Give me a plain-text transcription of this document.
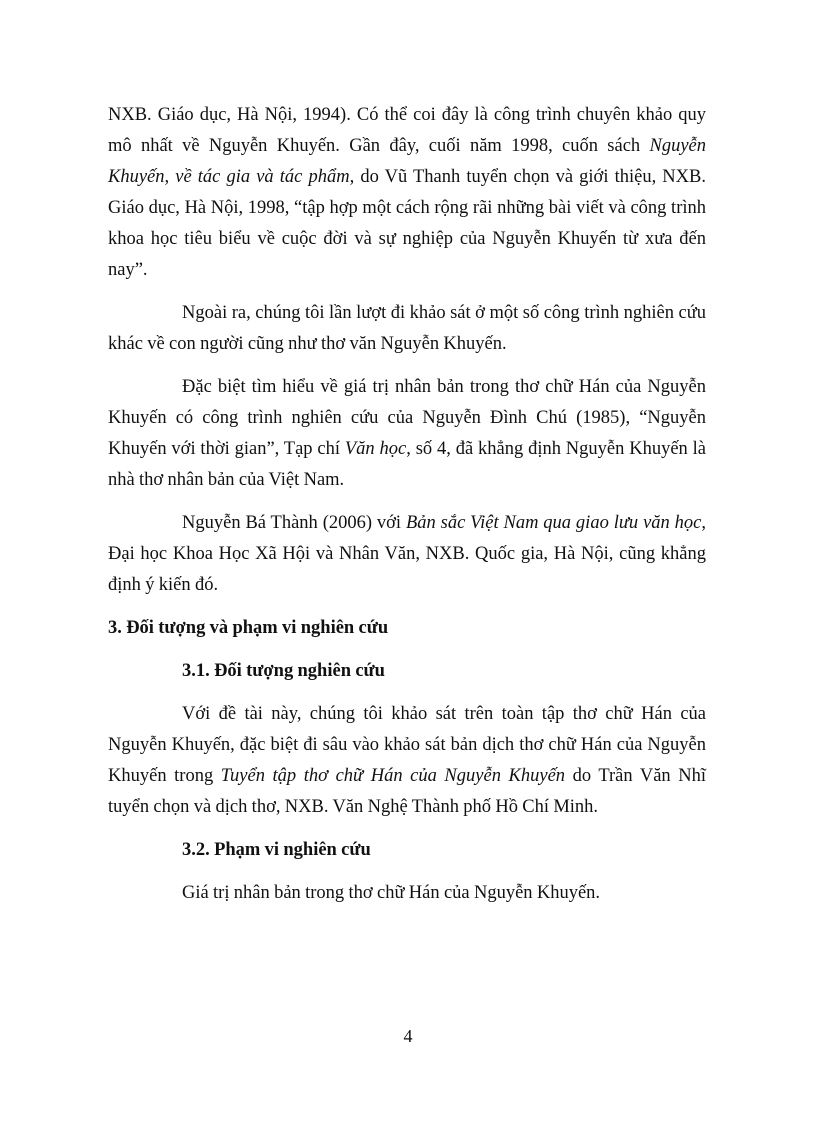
NXB. Giáo dục, Hà Nội, 1994). Có thể coi đây là công trình chuyên khảo quy mô nhất về Nguyễn Khuyến. Gần đây, cuối năm 1998, cuốn sách Nguyễn Khuyến, về tác gia và tác phẩm, do Vũ Thanh tuyển chọn và giới thiệu, NXB. Giáo dục, Hà Nội, 1998, “tập hợp một cách rộng rãi những bài viết và công trình khoa học tiêu biểu về cuộc đời và sự nghiệp của Nguyễn Khuyến từ xưa đến nay”.

Ngoài ra, chúng tôi lần lượt đi khảo sát ở một số công trình nghiên cứu khác về con người cũng như thơ văn Nguyễn Khuyến.

Đặc biệt tìm hiểu về giá trị nhân bản trong thơ chữ Hán của Nguyễn Khuyến có công trình nghiên cứu của Nguyễn Đình Chú (1985), “Nguyễn Khuyến với thời gian”, Tạp chí Văn học, số 4, đã khẳng định Nguyễn Khuyến là nhà thơ nhân bản của Việt Nam.

Nguyễn Bá Thành (2006) với Bản sắc Việt Nam qua giao lưu văn học, Đại học Khoa Học Xã Hội và Nhân Văn, NXB. Quốc gia, Hà Nội, cũng khẳng định ý kiến đó.

3. Đối tượng và phạm vi nghiên cứu

3.1. Đối tượng nghiên cứu

Với đề tài này, chúng tôi khảo sát trên toàn tập thơ chữ Hán của Nguyễn Khuyến, đặc biệt đi sâu vào khảo sát bản dịch thơ chữ Hán của Nguyễn Khuyến trong Tuyển tập thơ chữ Hán của Nguyễn Khuyến do Trần Văn Nhĩ tuyển chọn và dịch thơ, NXB. Văn Nghệ Thành phố Hồ Chí Minh.

3.2. Phạm vi nghiên cứu

Giá trị nhân bản trong thơ chữ Hán của Nguyễn Khuyến.

4
